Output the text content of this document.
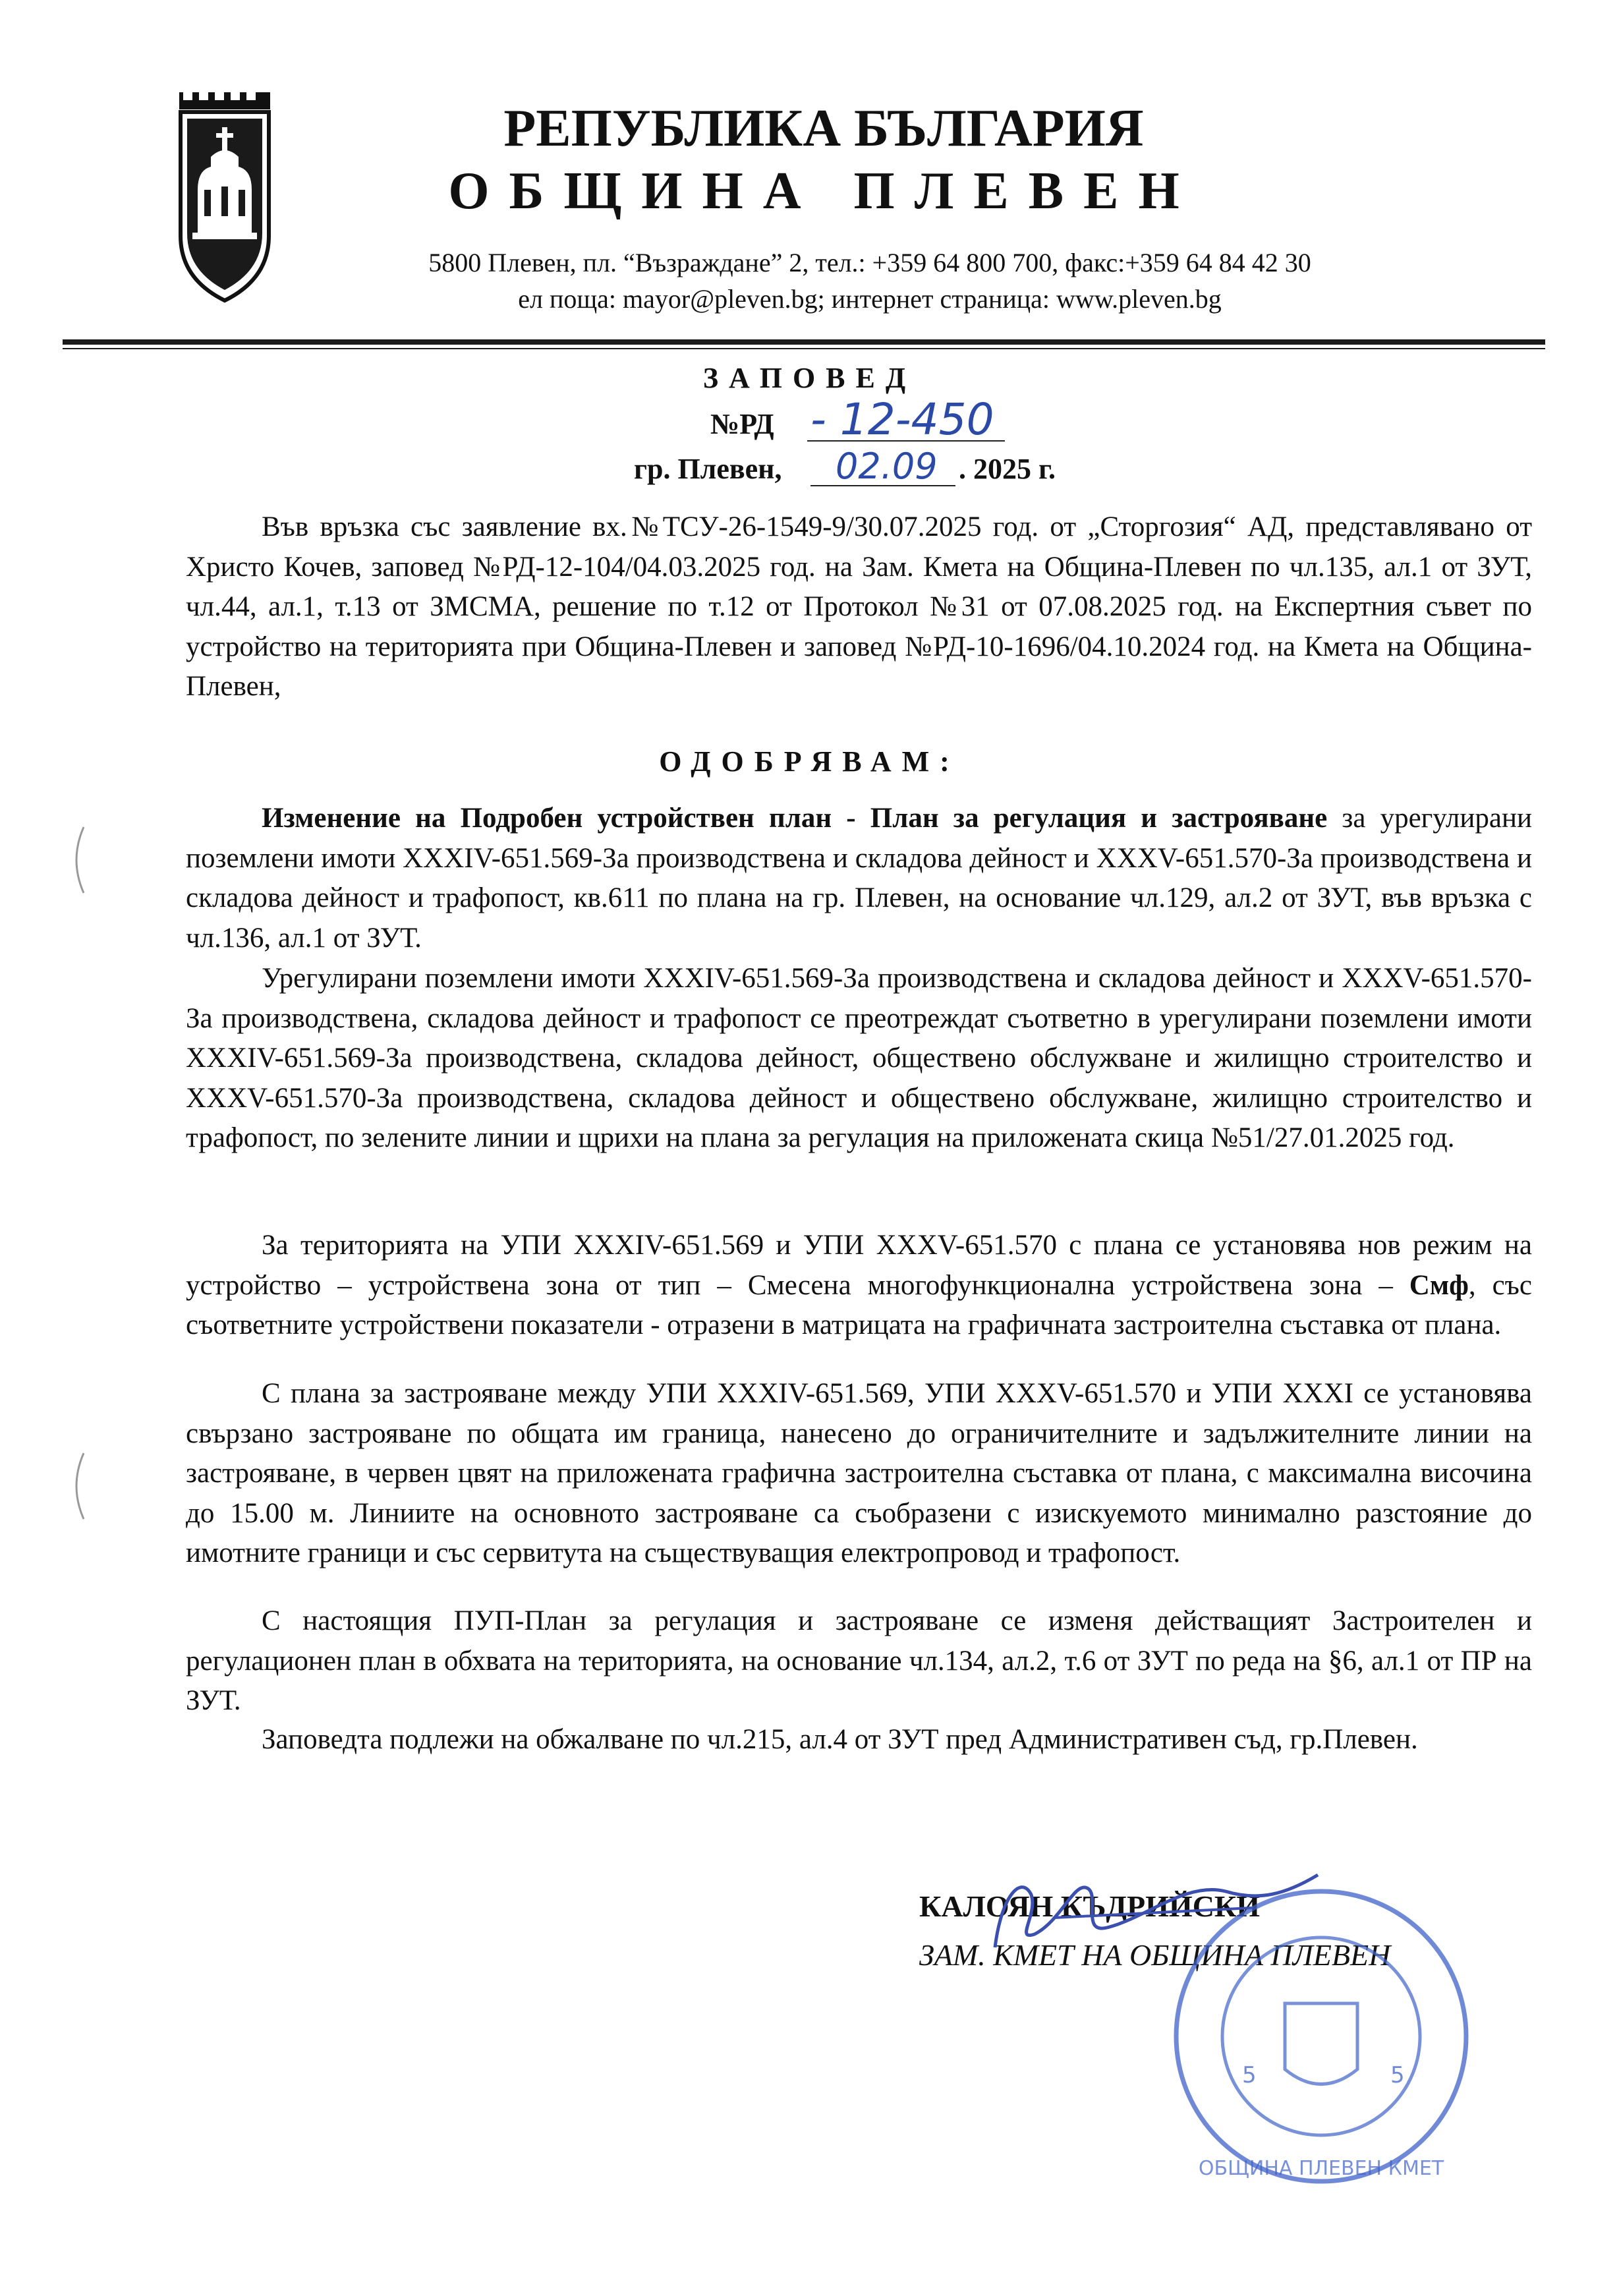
РЕПУБЛИКА БЪЛГАРИЯ
ОБЩИНА ПЛЕВЕН
5800 Плевен, пл. “Възраждане” 2, тел.: +359 64 800 700, факс:+359 64 84 42 30
ел поща: mayor@pleven.bg; интернет страница: www.pleven.bg
ЗАПОВЕД
№РД - 12-450
гр. Плевен, 02.09 . 2025 г.

Във връзка със заявление вх.№ТСУ-26-1549-9/30.07.2025 год. от „Сторгозия“ АД, представлявано от Христо Кочев, заповед №РД-12-104/04.03.2025 год. на Зам. Кмета на Община-Плевен по чл.135, ал.1 от ЗУТ, чл.44, ал.1, т.13 от ЗМСМА, решение по т.12 от Протокол №31 от 07.08.2025 год. на Експертния съвет по устройство на територията при Община-Плевен и заповед №РД-10-1696/04.10.2024 год. на Кмета на Община-Плевен,

ОДОБРЯВАМ:

Изменение на Подробен устройствен план - План за регулация и застрояване за урегулирани поземлени имоти XXXIV-651.569-За производствена и складова дейност и XXXV-651.570-За производствена и складова дейност и трафопост, кв.611 по плана на гр. Плевен, на основание чл.129, ал.2 от ЗУТ, във връзка с чл.136, ал.1 от ЗУТ.

Урегулирани поземлени имоти XXXIV-651.569-За производствена и складова дейност и XXXV-651.570-За производствена, складова дейност и трафопост се преотреждат съответно в урегулирани поземлени имоти XXXIV-651.569-За производствена, складова дейност, обществено обслужване и жилищно строителство и XXXV-651.570-За производствена, складова дейност и обществено обслужване, жилищно строителство и трафопост, по зелените линии и щрихи на плана за регулация на приложената скица №51/27.01.2025 год.

За територията на УПИ XXXIV-651.569 и УПИ XXXV-651.570 с плана се установява нов режим на устройство – устройствена зона от тип – Смесена многофункционална устройствена зона – Смф, със съответните устройствени показатели - отразени в матрицата на графичната застроителна съставка от плана.

С плана за застрояване между УПИ XXXIV-651.569, УПИ XXXV-651.570 и УПИ XXXI се установява свързано застрояване по общата им граница, нанесено до ограничителните и задължителните линии на застрояване, в червен цвят на приложената графична застроителна съставка от плана, с максимална височина до 15.00 м. Линиите на основното застрояване са съобразени с изискуемото минимално разстояние до имотните граници и със сервитута на съществуващия електропровод и трафопост.

С настоящия ПУП-План за регулация и застрояване се изменя действащият Застроителен и регулационен план в обхвата на територията, на основание чл.134, ал.2, т.6 от ЗУТ по реда на §6, ал.1 от ПР на ЗУТ.

Заповедта подлежи на обжалване по чл.215, ал.4 от ЗУТ пред Административен съд, гр.Плевен.

КАЛОЯН КЪДРИЙСКИ
ЗАМ. КМЕТ НА ОБЩИНА ПЛЕВЕН
5	5
ОБЩИНА ПЛЕВЕН КМЕТ
